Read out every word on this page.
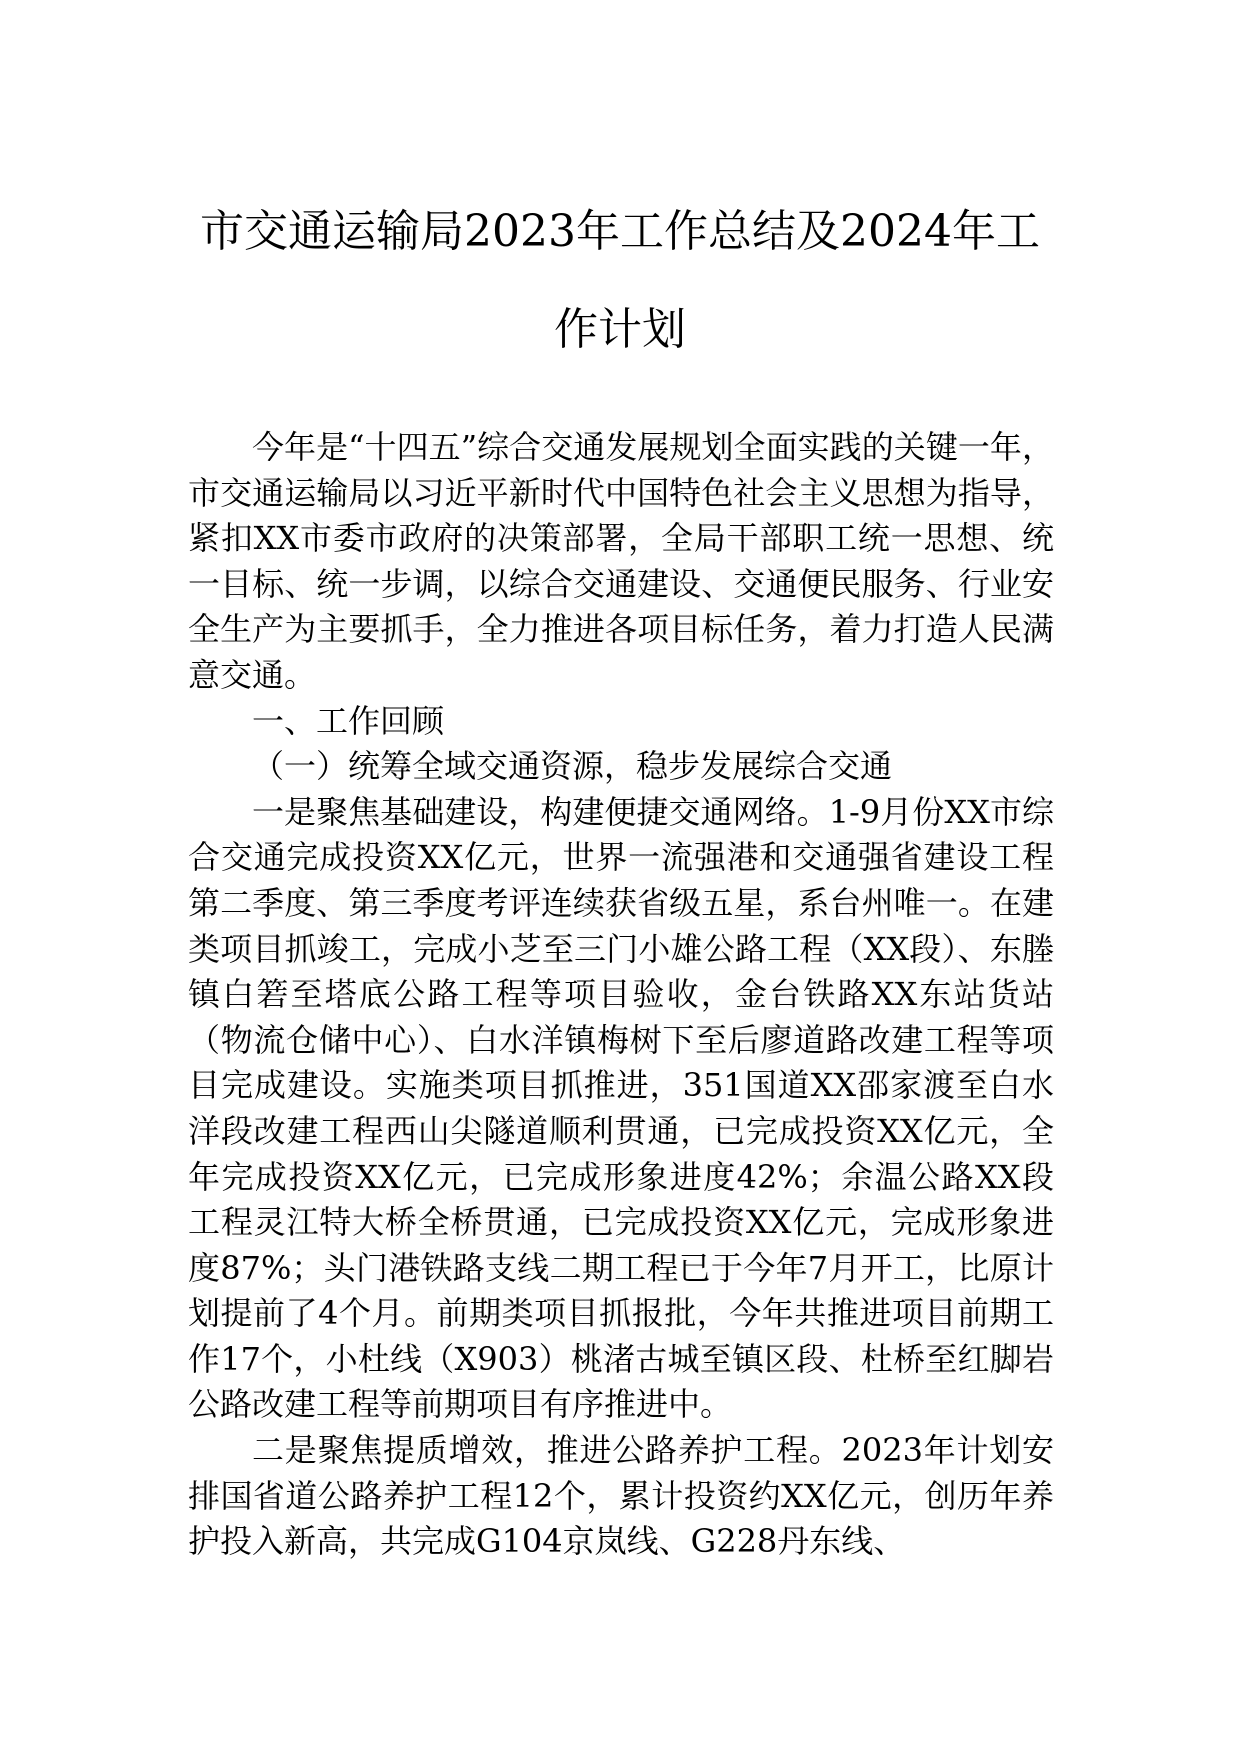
市交通运输局2023年工作总结及2024年工
作计划

今年是“十四五”综合交通发展规划全面实践的关键一年，市交通运输局以习近平新时代中国特色社会主义思想为指导，紧扣XX市委市政府的决策部署，全局干部职工统一思想、统一目标、统一步调，以综合交通建设、交通便民服务、行业安全生产为主要抓手，全力推进各项目标任务，着力打造人民满意交通。

一、工作回顾

（一）统筹全域交通资源，稳步发展综合交通

一是聚焦基础建设，构建便捷交通网络。1-9月份XX市综合交通完成投资XX亿元，世界一流强港和交通强省建设工程第二季度、第三季度考评连续获省级五星，系台州唯一。在建类项目抓竣工，完成小芝至三门小雄公路工程（XX段）、东塍镇白箬至塔底公路工程等项目验收，金台铁路XX东站货站（物流仓储中心）、白水洋镇梅树下至后廖道路改建工程等项目完成建设。实施类项目抓推进，351国道XX邵家渡至白水洋段改建工程西山尖隧道顺利贯通，已完成投资XX亿元，全年完成投资XX亿元，已完成形象进度42%；余温公路XX段工程灵江特大桥全桥贯通，已完成投资XX亿元，完成形象进度87%；头门港铁路支线二期工程已于今年7月开工，比原计划提前了4个月。前期类项目抓报批，今年共推进项目前期工作17个，小杜线（X903）桃渚古城至镇区段、杜桥至红脚岩公路改建工程等前期项目有序推进中。

二是聚焦提质增效，推进公路养护工程。2023年计划安排国省道公路养护工程12个，累计投资约XX亿元，创历年养护投入新高，共完成G104京岚线、G228丹东线、
